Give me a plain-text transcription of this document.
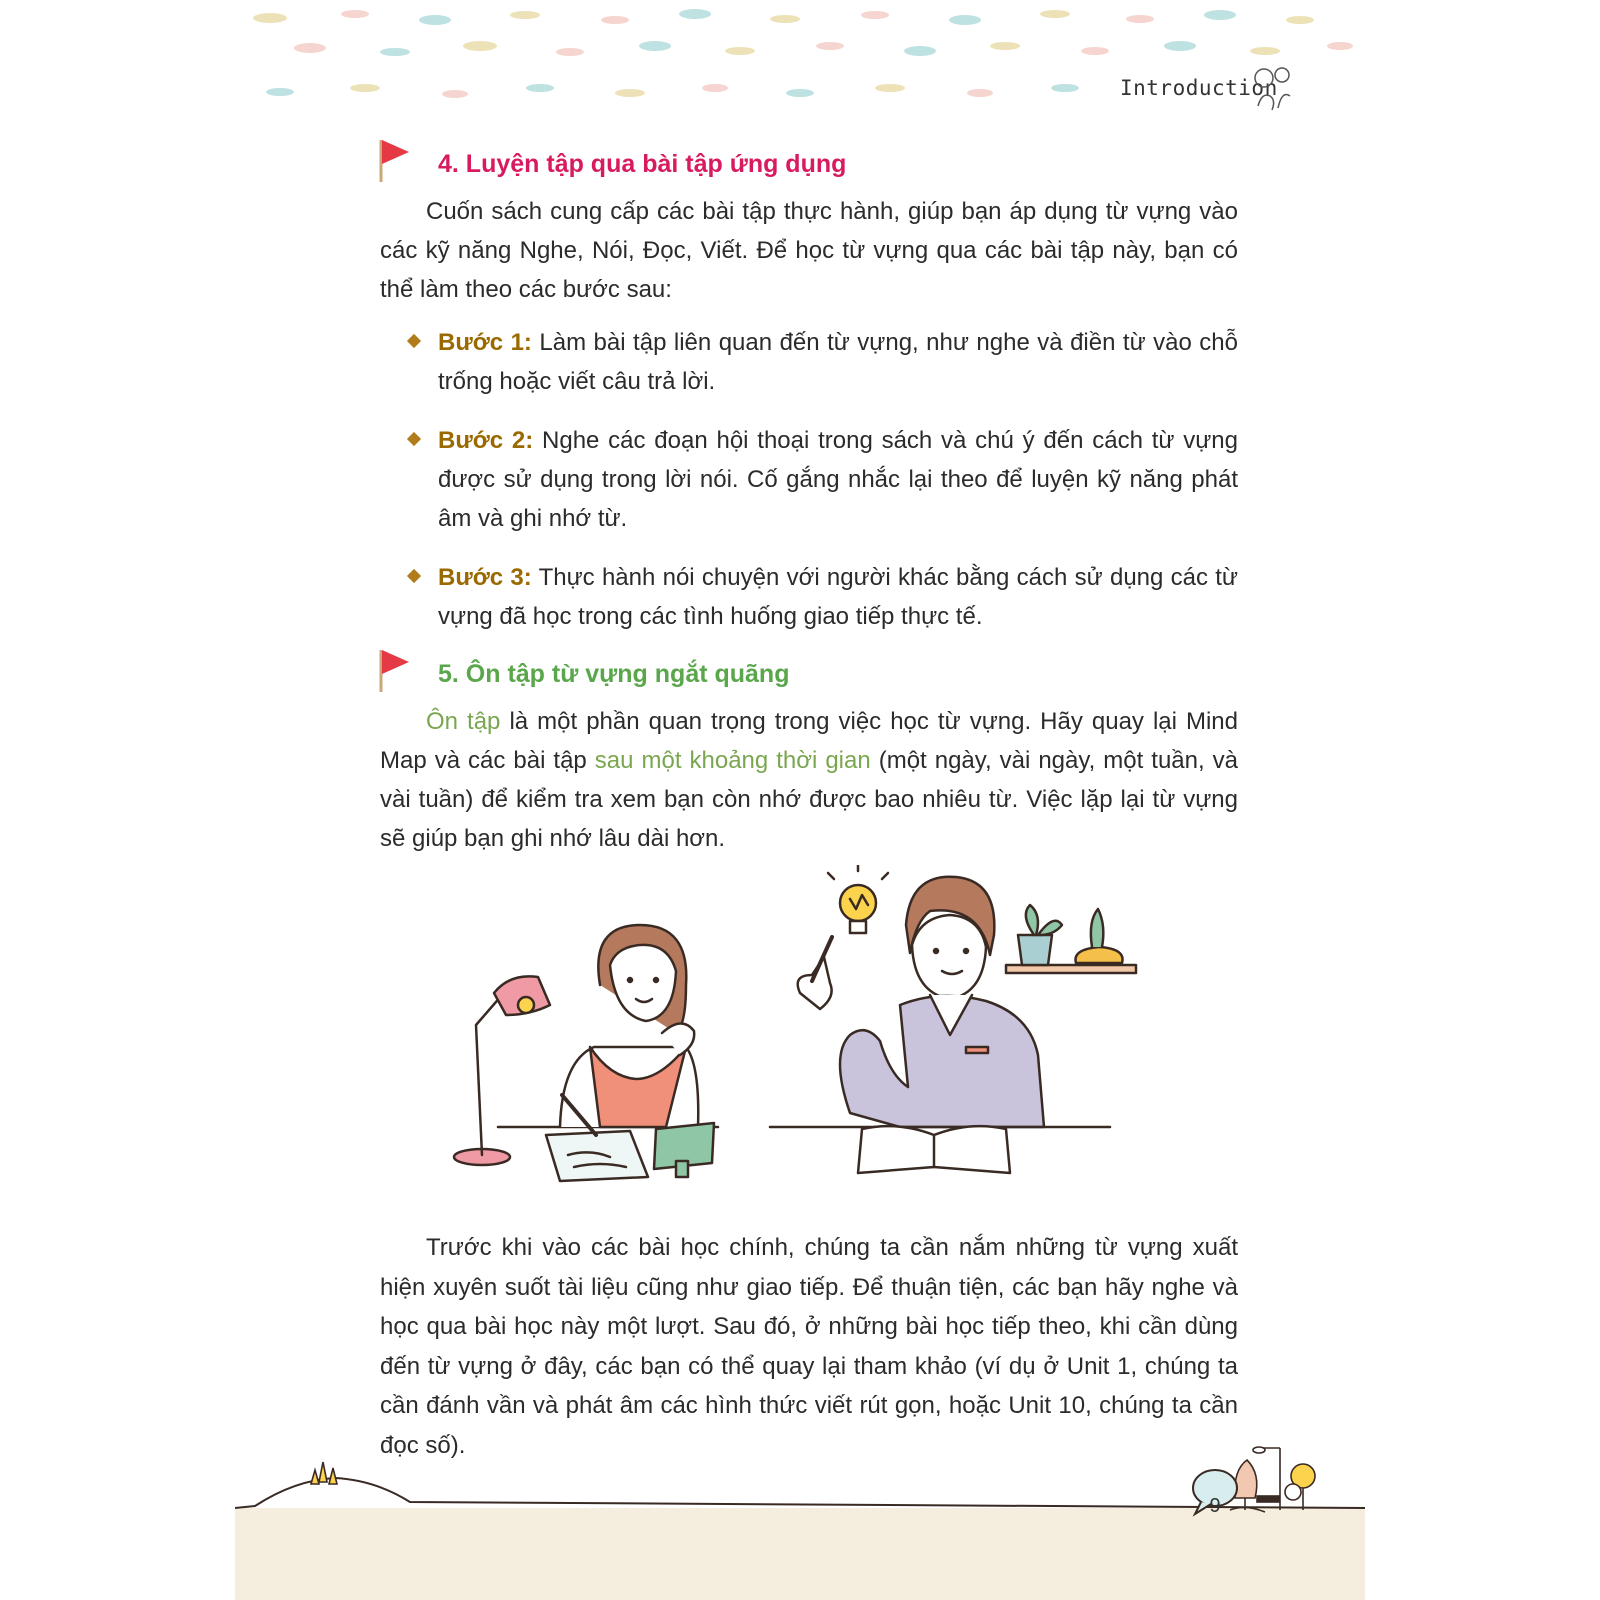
Introduction
4. Luyện tập qua bài tập ứng dụng

Cuốn sách cung cấp các bài tập thực hành, giúp bạn áp dụng từ vựng vào các kỹ năng Nghe, Nói, Đọc, Viết. Để học từ vựng qua các bài tập này, bạn có thể làm theo các bước sau:

Bước 1: Làm bài tập liên quan đến từ vựng, như nghe và điền từ vào chỗ trống hoặc viết câu trả lời.
Bước 2: Nghe các đoạn hội thoại trong sách và chú ý đến cách từ vựng được sử dụng trong lời nói. Cố gắng nhắc lại theo để luyện kỹ năng phát âm và ghi nhớ từ.
Bước 3: Thực hành nói chuyện với người khác bằng cách sử dụng các từ vựng đã học trong các tình huống giao tiếp thực tế.
5. Ôn tập từ vựng ngắt quãng

Ôn tập là một phần quan trọng trong việc học từ vựng. Hãy quay lại Mind Map và các bài tập sau một khoảng thời gian (một ngày, vài ngày, một tuần, và vài tuần) để kiểm tra xem bạn còn nhớ được bao nhiêu từ. Việc lặp lại từ vựng sẽ giúp bạn ghi nhớ lâu dài hơn.

Trước khi vào các bài học chính, chúng ta cần nắm những từ vựng xuất hiện xuyên suốt tài liệu cũng như giao tiếp. Để thuận tiện, các bạn hãy nghe và học qua bài học này một lượt. Sau đó, ở những bài học tiếp theo, khi cần dùng đến từ vựng ở đây, các bạn có thể quay lại tham khảo (ví dụ ở Unit 1, chúng ta cần đánh vần và phát âm các hình thức viết rút gọn, hoặc Unit 10, chúng ta cần đọc số).

9
